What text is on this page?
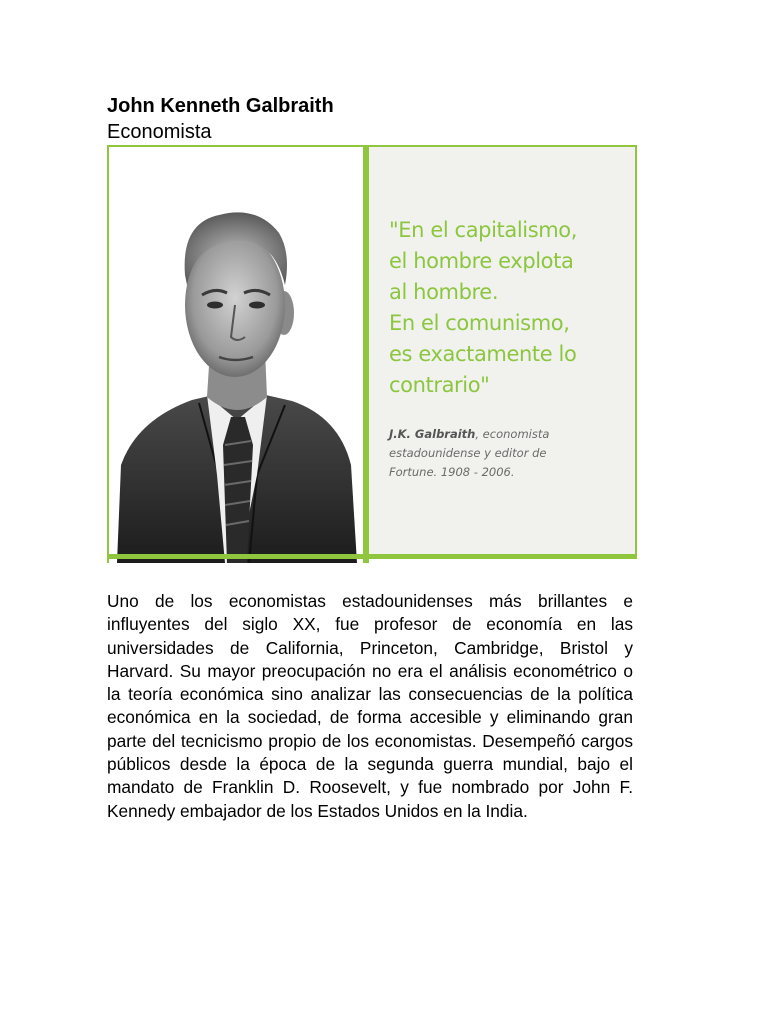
John Kenneth Galbraith
Economista

"En el capitalismo,
el hombre explota
al hombre.
En el comunismo,
es exactamente lo
contrario"

J.K. Galbraith, economista
estadounidense y editor de
Fortune. 1908 - 2006.

Uno de los economistas estadounidenses más brillantes e influyentes del siglo XX, fue profesor de economía en las universidades de California, Princeton, Cambridge, Bristol y Harvard. Su mayor preocupación no era el análisis econométrico o la teoría económica sino analizar las consecuencias de la política económica en la sociedad, de forma accesible y eliminando gran parte del tecnicismo propio de los economistas. Desempeñó cargos públicos desde la época de la segunda guerra mundial, bajo el mandato de Franklin D. Roosevelt, y fue nombrado por John F. Kennedy embajador de los Estados Unidos en la India.
